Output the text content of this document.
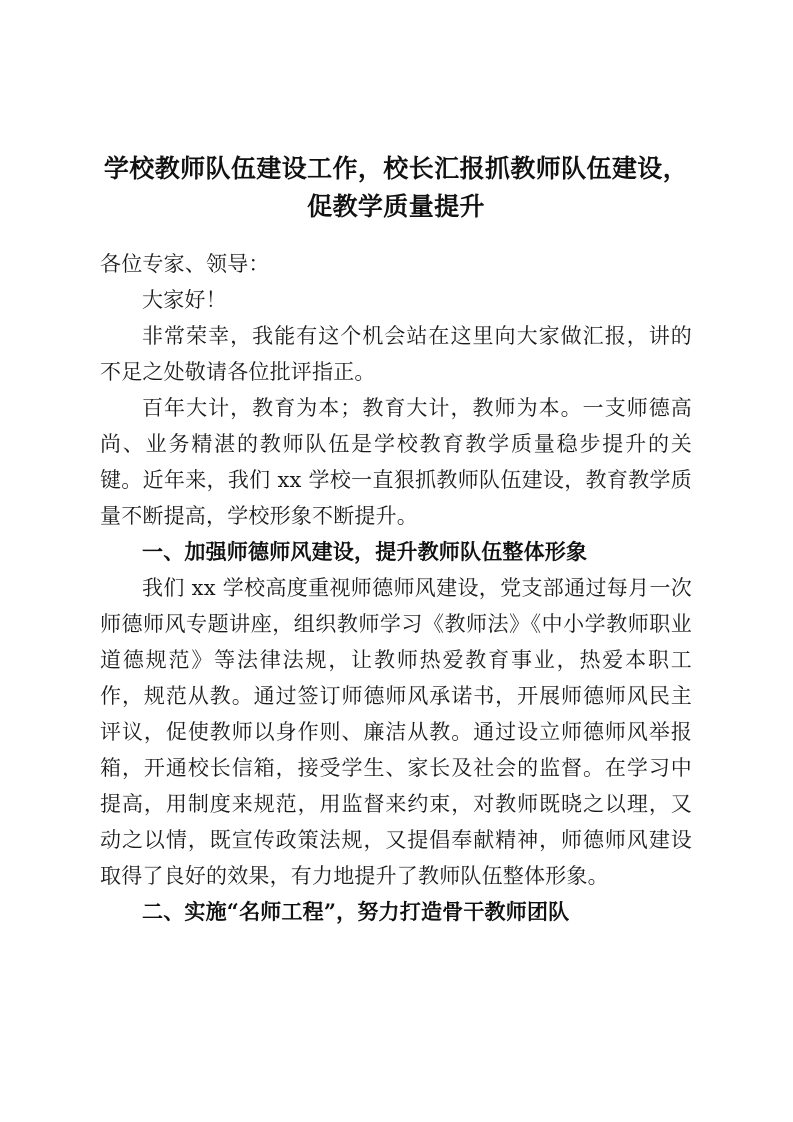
学校教师队伍建设工作，校长汇报抓教师队伍建设，促教学质量提升

各位专家、领导：

大家好！

非常荣幸，我能有这个机会站在这里向大家做汇报，讲的不足之处敬请各位批评指正。

百年大计，教育为本；教育大计，教师为本。一支师德高尚、业务精湛的教师队伍是学校教育教学质量稳步提升的关键。近年来，我们 xx 学校一直狠抓教师队伍建设，教育教学质量不断提高，学校形象不断提升。

一、加强师德师风建设，提升教师队伍整体形象

我们 xx 学校高度重视师德师风建设，党支部通过每月一次师德师风专题讲座，组织教师学习《教师法》《中小学教师职业道德规范》等法律法规，让教师热爱教育事业，热爱本职工作，规范从教。通过签订师德师风承诺书，开展师德师风民主评议，促使教师以身作则、廉洁从教。通过设立师德师风举报箱，开通校长信箱，接受学生、家长及社会的监督。在学习中提高，用制度来规范，用监督来约束，对教师既晓之以理，又动之以情，既宣传政策法规，又提倡奉献精神，师德师风建设取得了良好的效果，有力地提升了教师队伍整体形象。

二、实施“名师工程”，努力打造骨干教师团队
